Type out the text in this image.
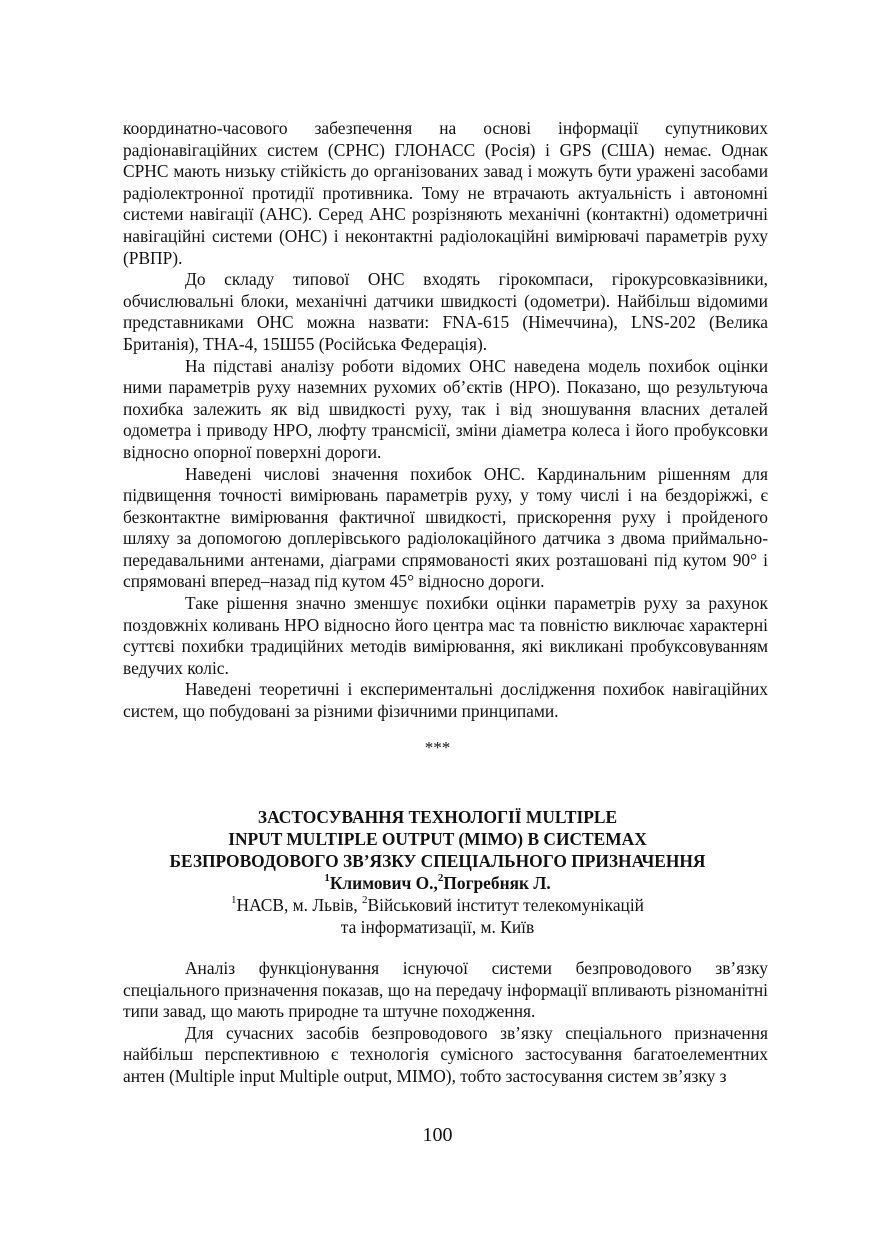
координатно-часового забезпечення на основі інформації супутникових радіонавігаційних систем (СРНС) ГЛОНАСС (Росія) і GPS (США) немає. Однак СРНС мають низьку стійкість до організованих завад і можуть бути уражені засобами радіолектронної протидії противника. Тому не втрачають актуальність і автономні системи навігації (АНС). Серед АНС розрізняють механічні (контактні) одометричні навігаційні системи (ОНС) і неконтактні радіолокаційні вимірювачі параметрів руху (РВПР).

До складу типової ОНС входять гірокомпаси, гірокурсовказівники, обчислювальні блоки, механічні датчики швидкості (одометри). Найбільш відомими представниками ОНС можна назвати: FNA-615 (Німеччина), LNS-202 (Велика Британія), ТНА-4, 15Ш55 (Російська Федерація).

На підставі аналізу роботи відомих ОНС наведена модель похибок оцінки ними параметрів руху наземних рухомих об’єктів (НРО). Показано, що результуюча похибка залежить як від швидкості руху, так і від зношування власних деталей одометра і приводу НРО, люфту трансмісії, зміни діаметра колеса і його пробуксовки відносно опорної поверхні дороги.

Наведені числові значення похибок ОНС. Кардинальним рішенням для підвищення точності вимірювань параметрів руху, у тому числі і на бездоріжжі, є безконтактне вимірювання фактичної швидкості, прискорення руху і пройденого шляху за допомогою доплерівського радіолокаційного датчика з двома приймально-передавальними антенами, діаграми спрямованості яких розташовані під кутом 90° і спрямовані вперед–назад під кутом 45° відносно дороги.

Таке рішення значно зменшує похибки оцінки параметрів руху за рахунок поздовжніх коливань НРО відносно його центра мас та повністю виключає характерні суттєві похибки традиційних методів вимірювання, які викликані пробуксовуванням ведучих коліс.

Наведені теоретичні і експериментальні дослідження похибок навігаційних систем, що побудовані за різними фізичними принципами.

***
ЗАСТОСУВАННЯ ТЕХНОЛОГІЇ MULTIPLE
INPUT MULTIPLE OUTPUT (MIMO) В СИСТЕМАХ
БЕЗПРОВОДОВОГО ЗВ’ЯЗКУ СПЕЦІАЛЬНОГО ПРИЗНАЧЕННЯ
$^1$Климович О.,$^2$Погребняк Л.
$^1$НАСВ, м. Львів, $^2$Військовий інститут телекомунікацій
та інформатизації, м. Київ

Аналіз функціонування існуючої системи безпроводового зв’язку спеціального призначення показав, що на передачу інформації впливають різноманітні типи завад, що мають природне та штучне походження.

Для сучасних засобів безпроводового зв’язку спеціального призначення найбільш перспективною є технологія сумісного застосування багатоелементних антен (Multiple input Multiple output, MIMO), тобто застосування систем зв’язку з

100
